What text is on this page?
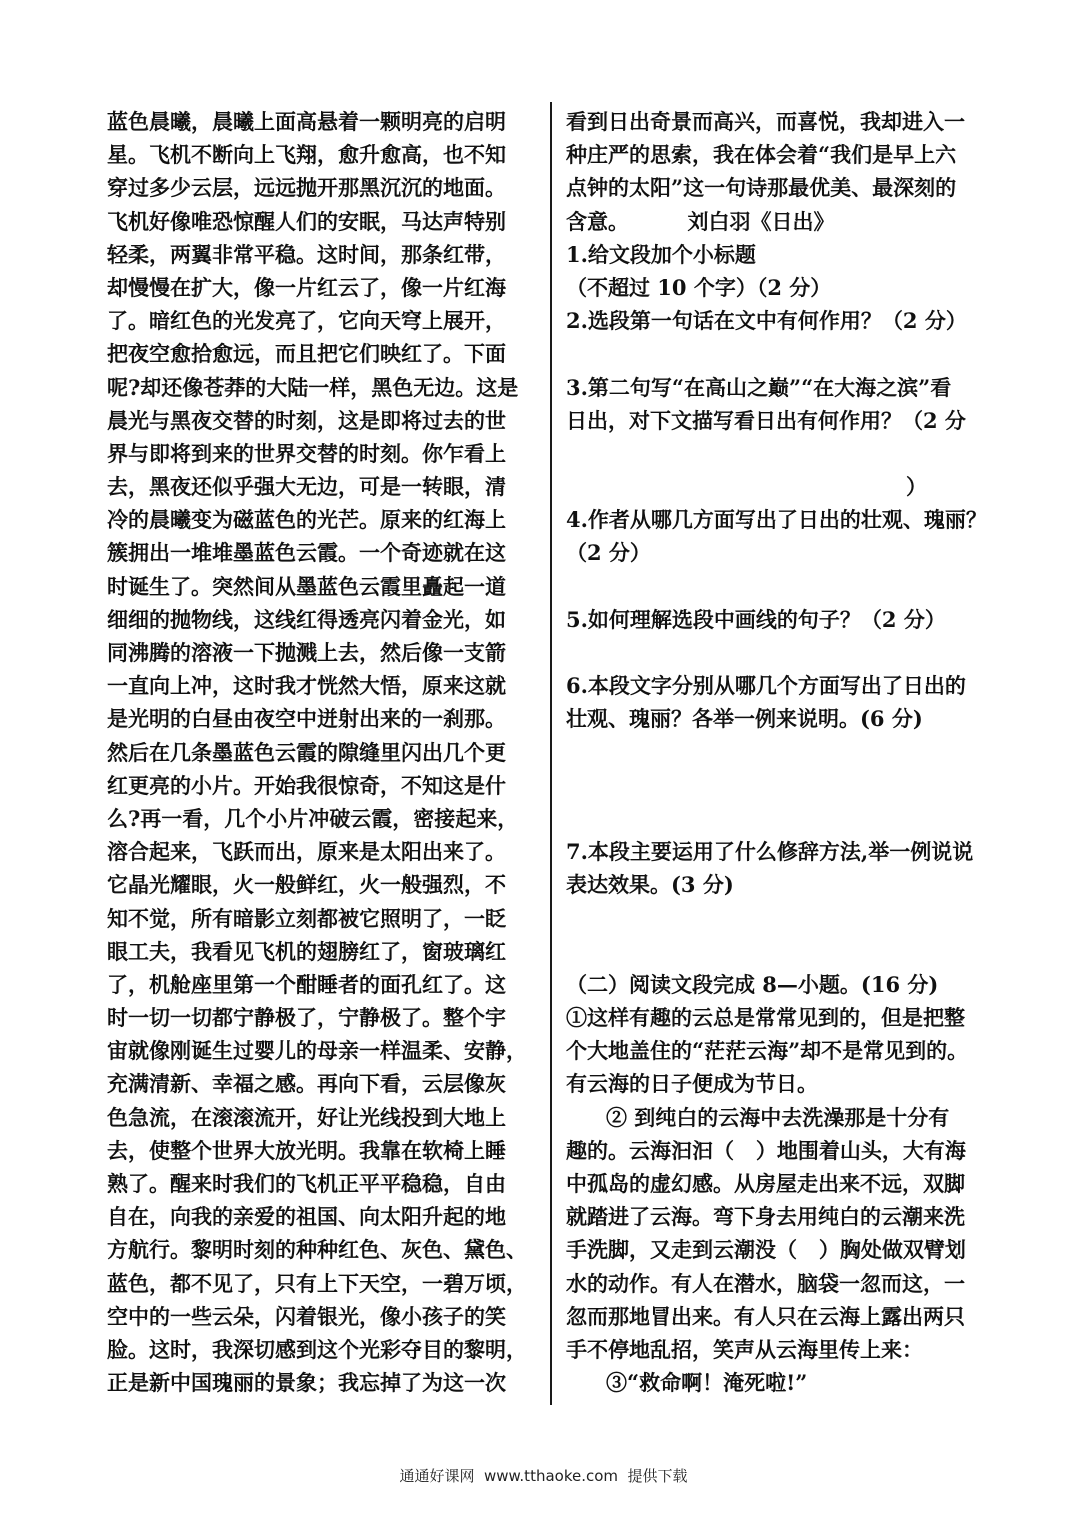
蓝色晨曦，晨曦上面高悬着一颗明亮的启明
星。飞机不断向上飞翔，愈升愈高，也不知
穿过多少云层，远远抛开那黑沉沉的地面。
飞机好像唯恐惊醒人们的安眠，马达声特别
轻柔，两翼非常平稳。这时间，那条红带，
却慢慢在扩大，像一片红云了，像一片红海
了。暗红色的光发亮了，它向天穹上展开，
把夜空愈拾愈远，而且把它们映红了。下面
呢?却还像苍莽的大陆一样，黑色无边。这是
晨光与黑夜交替的时刻，这是即将过去的世
界与即将到来的世界交替的时刻。你乍看上
去，黑夜还似乎强大无边，可是一转眼，清
冷的晨曦变为磁蓝色的光芒。原来的红海上
簇拥出一堆堆墨蓝色云霞。一个奇迹就在这
时诞生了。突然间从墨蓝色云霞里矗起一道
细细的抛物线，这线红得透亮闪着金光，如
同沸腾的溶液一下抛溅上去，然后像一支箭
一直向上冲，这时我才恍然大悟，原来这就
是光明的白昼由夜空中迸射出来的一刹那。
然后在几条墨蓝色云霞的隙缝里闪出几个更
红更亮的小片。开始我很惊奇，不知这是什
么?再一看，几个小片冲破云霞，密接起来，
溶合起来，飞跃而出，原来是太阳出来了。
它晶光耀眼，火一般鲜红，火一般强烈，不
知不觉，所有暗影立刻都被它照明了，一眨
眼工夫，我看见飞机的翅膀红了，窗玻璃红
了，机舱座里第一个酣睡者的面孔红了。这
时一切一切都宁静极了，宁静极了。整个宇
宙就像刚诞生过婴儿的母亲一样温柔、安静，
充满清新、幸福之感。再向下看，云层像灰
色急流，在滚滚流开，好让光线投到大地上
去，使整个世界大放光明。我靠在软椅上睡
熟了。醒来时我们的飞机正平平稳稳，自由
自在，向我的亲爱的祖国、向太阳升起的地
方航行。黎明时刻的种种红色、灰色、黛色、
蓝色，都不见了，只有上下天空，一碧万顷，
空中的一些云朵，闪着银光，像小孩子的笑
脸。这时，我深切感到这个光彩夺目的黎明，
正是新中国瑰丽的景象；我忘掉了为这一次
看到日出奇景而高兴，而喜悦，我却进入一
种庄严的思索，我在体会着“我们是早上六
点钟的太阳”这一句诗那最优美、最深刻的
含意。        刘白羽《日出》
1.给文段加个小标题
（不超过 10 个字）（2 分）
2.选段第一句话在文中有何作用？（2 分）
3.第二句写“在高山之巅”“在大海之滨”看
日出，对下文描写看日出有何作用？（2 分
）
4.作者从哪几方面写出了日出的壮观、瑰丽？
（2 分）
5.如何理解选段中画线的句子？（2 分）
6.本段文字分别从哪几个方面写出了日出的
壮观、瑰丽？各举一例来说明。(6 分)
7.本段主要运用了什么修辞方法,举一例说说
表达效果。(3 分)
（二）阅读文段完成 8—小题。(16 分)
①这样有趣的云总是常常见到的，但是把整
个大地盖住的“茫茫云海”却不是常见到的。
有云海的日子便成为节日。
② 到纯白的云海中去洗澡那是十分有
趣的。云海汩汩（   ）地围着山头，大有海
中孤岛的虚幻感。从房屋走出来不远，双脚
就踏进了云海。弯下身去用纯白的云潮来洗
手洗脚，又走到云潮没（   ）胸处做双臂划
水的动作。有人在潜水，脑袋一忽而这，一
忽而那地冒出来。有人只在云海上露出两只
手不停地乱招，笑声从云海里传上来：
③“救命啊！淹死啦!”
通通好课网  www.tthaoke.com  提供下载
